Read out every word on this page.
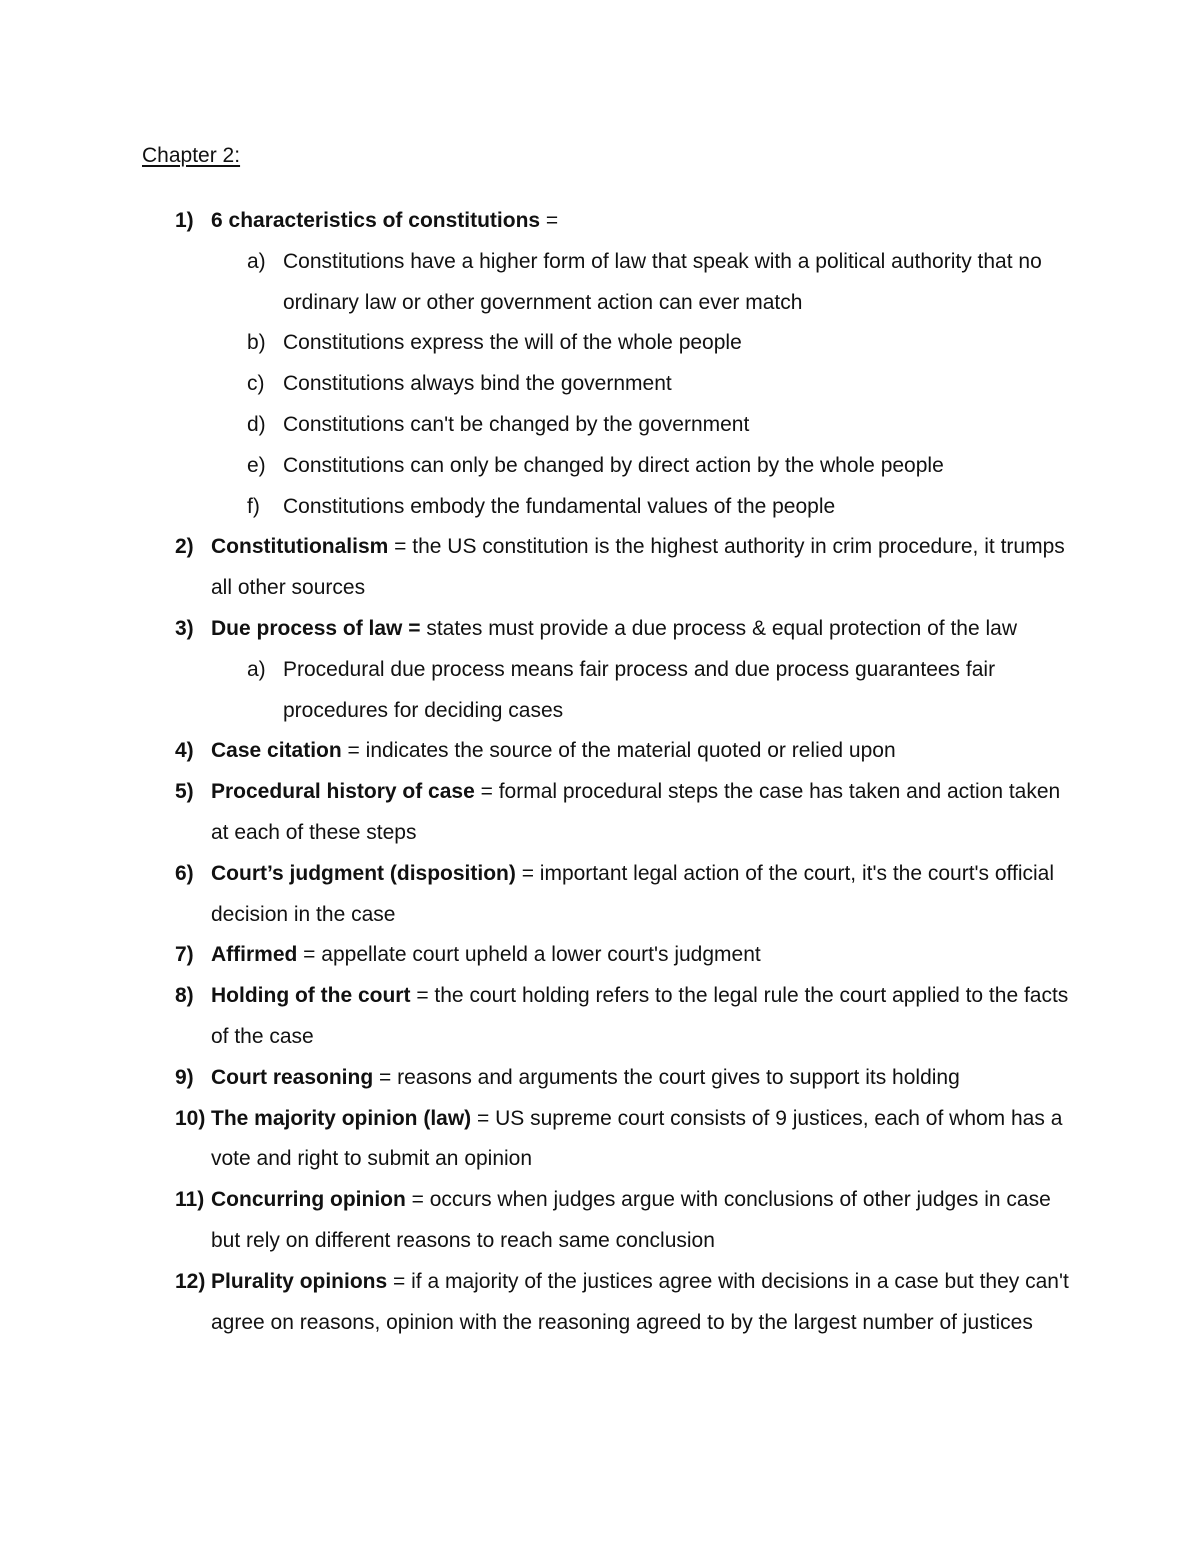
Chapter 2:
1) 6 characteristics of constitutions =
a) Constitutions have a higher form of law that speak with a political authority that no ordinary law or other government action can ever match
b) Constitutions express the will of the whole people
c) Constitutions always bind the government
d) Constitutions can't be changed by the government
e) Constitutions can only be changed by direct action by the whole people
f) Constitutions embody the fundamental values of the people
2) Constitutionalism = the US constitution is the highest authority in crim procedure, it trumps all other sources
3) Due process of law = states must provide a due process & equal protection of the law
a) Procedural due process means fair process and due process guarantees fair procedures for deciding cases
4) Case citation = indicates the source of the material quoted or relied upon
5) Procedural history of case = formal procedural steps the case has taken and action taken at each of these steps
6) Court’s judgment (disposition) = important legal action of the court, it's the court's official decision in the case
7) Affirmed = appellate court upheld a lower court's judgment
8) Holding of the court = the court holding refers to the legal rule the court applied to the facts of the case
9) Court reasoning = reasons and arguments the court gives to support its holding
10) The majority opinion (law) = US supreme court consists of 9 justices, each of whom has a vote and right to submit an opinion
11) Concurring opinion = occurs when judges argue with conclusions of other judges in case but rely on different reasons to reach same conclusion
12) Plurality opinions = if a majority of the justices agree with decisions in a case but they can't agree on reasons, opinion with the reasoning agreed to by the largest number of justices
